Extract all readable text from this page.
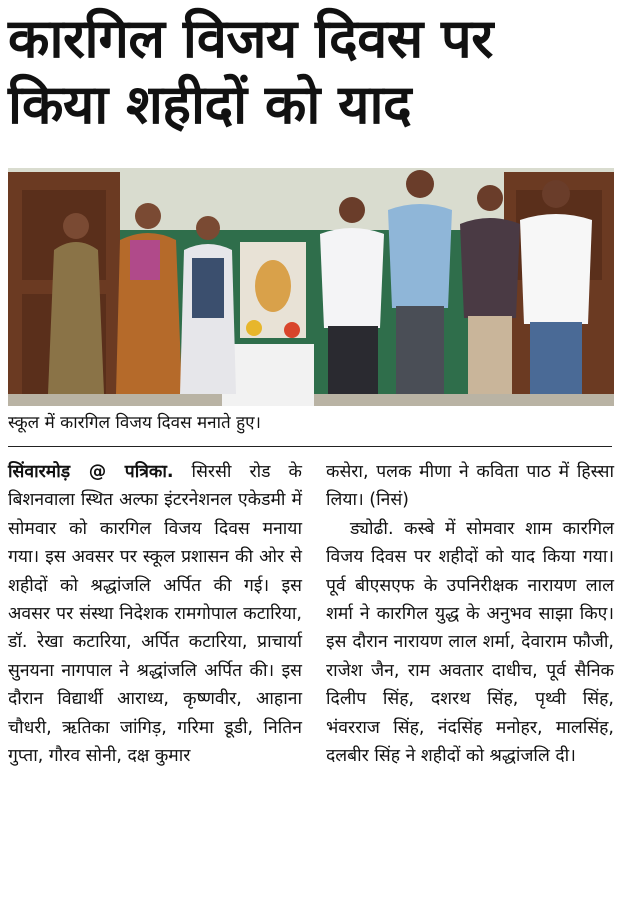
कारगिल विजय दिवस पर
किया शहीदों को याद
स्कूल में कारगिल विजय दिवस मनाते हुए।

सिंवारमोड़ @ पत्रिका. सिरसी रोड के बिशनवाला स्थित अल्फा इंटरनेशनल एकेडमी में सोमवार को कारगिल विजय दिवस मनाया गया। इस अवसर पर स्कूल प्रशासन की ओर से शहीदों को श्रद्धांजलि अर्पित की गई। इस अवसर पर संस्था निदेशक रामगोपाल कटारिया, डॉ. रेखा कटारिया, अर्पित कटारिया, प्राचार्या सुनयना नागपाल ने श्रद्धांजलि अर्पित की। इस दौरान विद्यार्थी आराध्य, कृष्णवीर, आहाना चौधरी, ऋतिका जांगिड़, गरिमा डूडी, नितिन गुप्ता, गौरव सोनी, दक्ष कुमार

कसेरा, पलक मीणा ने कविता पाठ में हिस्सा लिया। (निसं)

ड्योढी. कस्बे में सोमवार शाम कारगिल विजय दिवस पर शहीदों को याद किया गया। पूर्व बीएसएफ के उपनिरीक्षक नारायण लाल शर्मा ने कारगिल युद्ध के अनुभव साझा किए। इस दौरान नारायण लाल शर्मा, देवाराम फौजी, राजेश जैन, राम अवतार दाधीच, पूर्व सैनिक दिलीप सिंह, दशरथ सिंह, पृथ्वी सिंह, भंवरराज सिंह, नंदसिंह मनोहर, मालसिंह, दलबीर सिंह ने शहीदों को श्रद्धांजलि दी।
